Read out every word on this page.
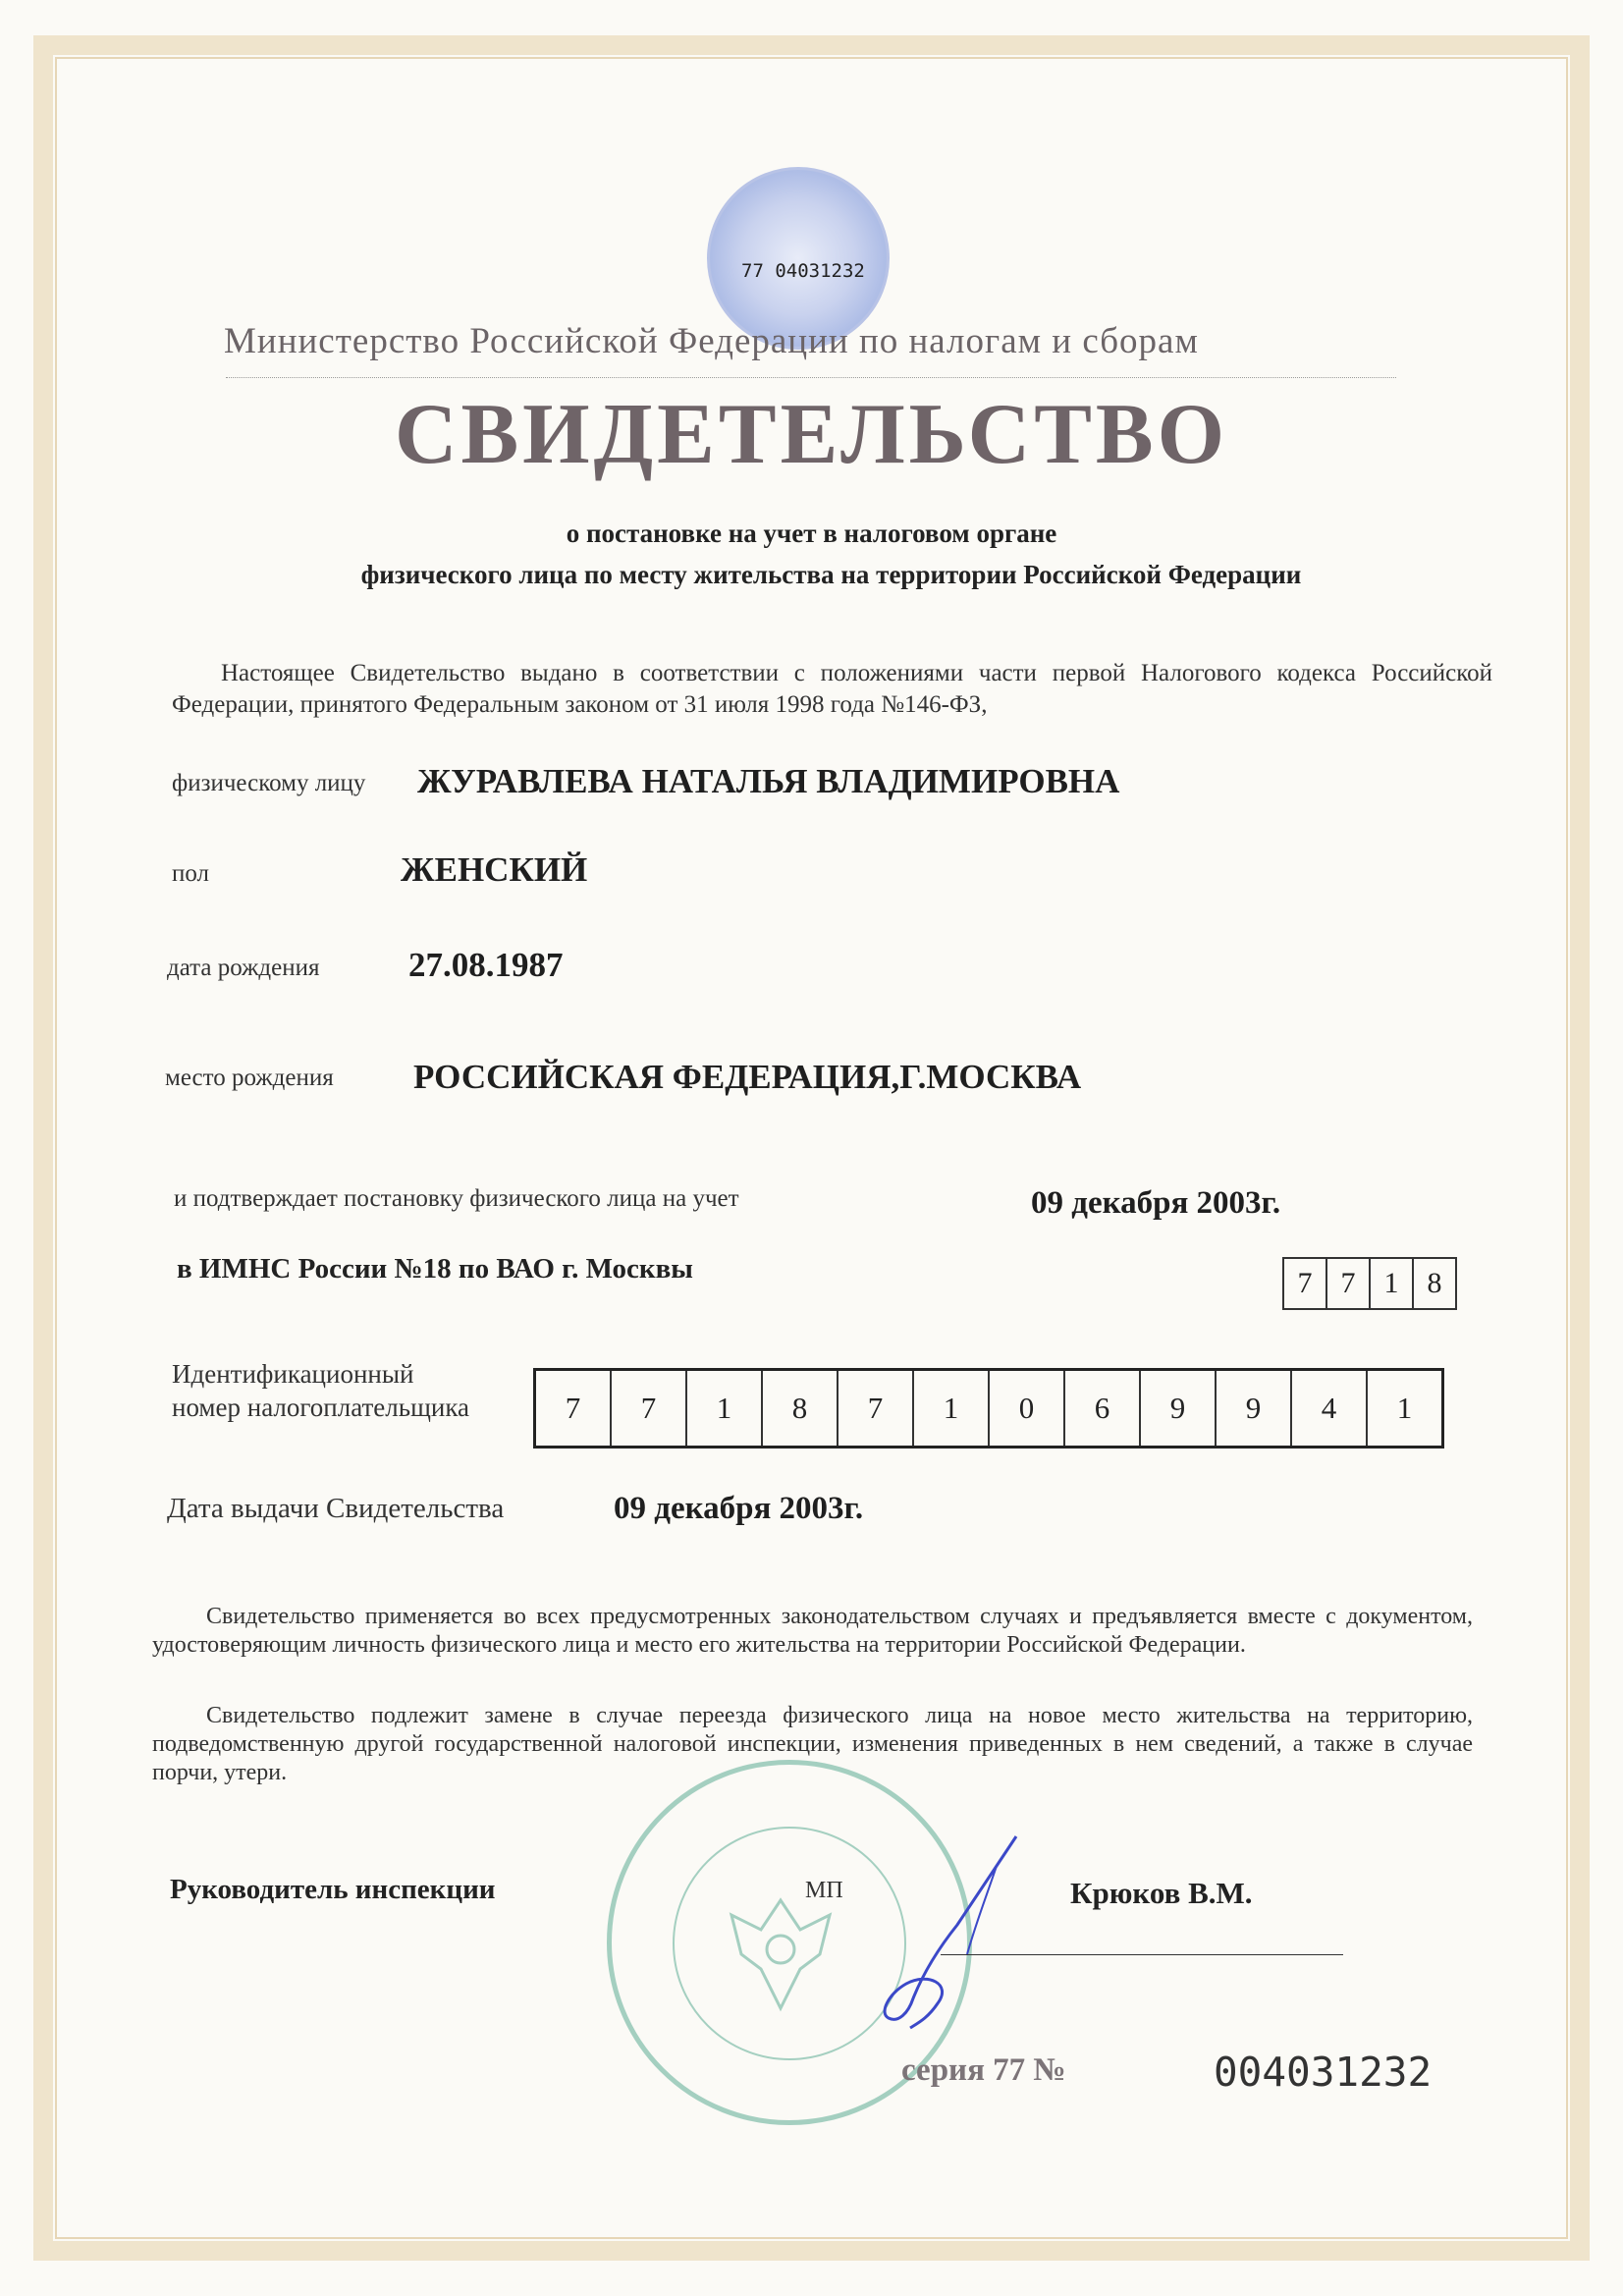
77 04031232
Министерство Российской Федерации по налогам и сборам
СВИДЕТЕЛЬСТВО
о постановке на учет в налоговом органе
физического лица по месту жительства на территории Российской Федерации
Настоящее Свидетельство выдано в соответствии с положениями части первой Налогового кодекса Российской Федерации, принятого Федеральным законом от 31 июля 1998 года №146-ФЗ,
физическому лицу ЖУРАВЛЕВА НАТАЛЬЯ ВЛАДИМИРОВНА
пол	ЖЕНСКИЙ
дата рождения	27.08.1987
место рождения РОССИЙСКАЯ ФЕДЕРАЦИЯ,Г.МОСКВА
и подтверждает постановку физического лица на учет	09 декабря 2003г.
в ИМНС России №18 по ВАО г. Москвы	7 7 1 8
Идентификационный
номер налогоплательщика	7	7	1	8	7	1	0	6	9	9	4	1
Дата выдачи Свидетельства	09 декабря 2003г.
Свидетельство применяется во всех предусмотренных законодательством случаях и предъявляется вместе с документом, удостоверяющим личность физического лица и место его жительства на территории Российской Федерации.
Свидетельство подлежит замене в случае переезда физического лица на новое место жительства на территорию, подведомственную другой государственной налоговой инспекции, изменения приведенных в нем сведений, а также в случае порчи, утери.
Руководитель инспекции	МП	Крюков В.М.
серия 77 №	004031232
